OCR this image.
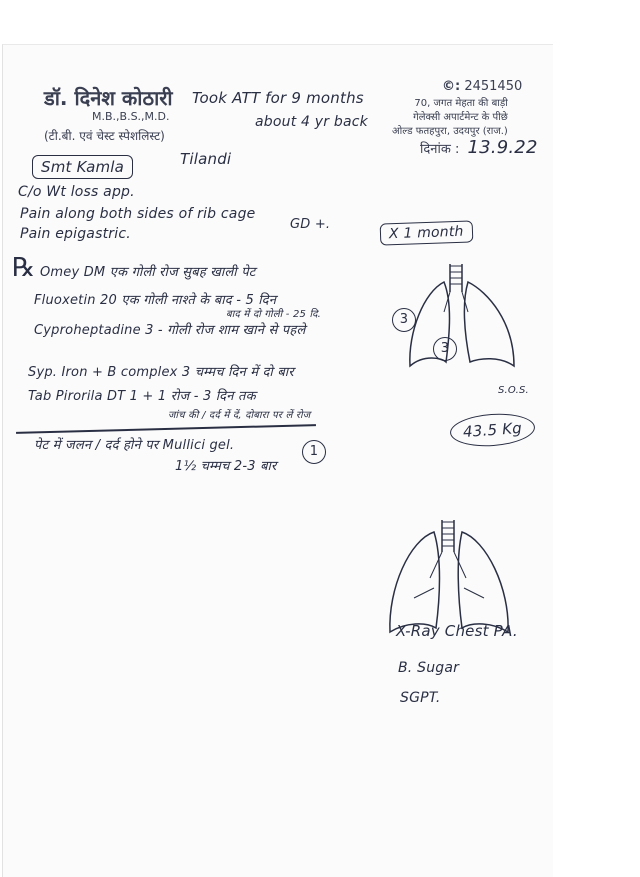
डॉ. दिनेश कोठारी
M.B.,B.S.,M.D.
(टी.बी. एवं चेस्ट स्पेशलिस्ट)
©: 2451450
70, जगत मेहता की बाड़ी
गेलेक्सी अपार्टमेन्ट के पीछे
ओल्ड फतहपुरा, उदयपुर (राज.)
दिनांक : 13.9.22
Took ATT for 9 months
about 4 yr back
Smt Kamla	Tilandi
C/o Wt loss app.
Pain along both sides of rib cage
Pain epigastric.
GD +.	X 1 month
℞ Omey DM एक गोली रोज सुबह खाली पेट
Fluoxetin 20 एक गोली नाश्ते के बाद - 5 दिन
बाद में दो गोली - 25 दि.
Cyproheptadine 3 - गोली रोज शाम खाने से पहले
3
Syp. Iron + B complex 3 चम्मच दिन में दो बार
3
Tab Pirorila DT 1 + 1 रोज - 3 दिन तक
जांच की / दर्द में दें, दोबारा पर लें रोज
S.O.S.
पेट में जलन / दर्द होने पर Mullici gel.
1½ चम्मच 2-3 बार
1
43.5 Kg
X-Ray Chest PA.
B. Sugar
SGPT.
